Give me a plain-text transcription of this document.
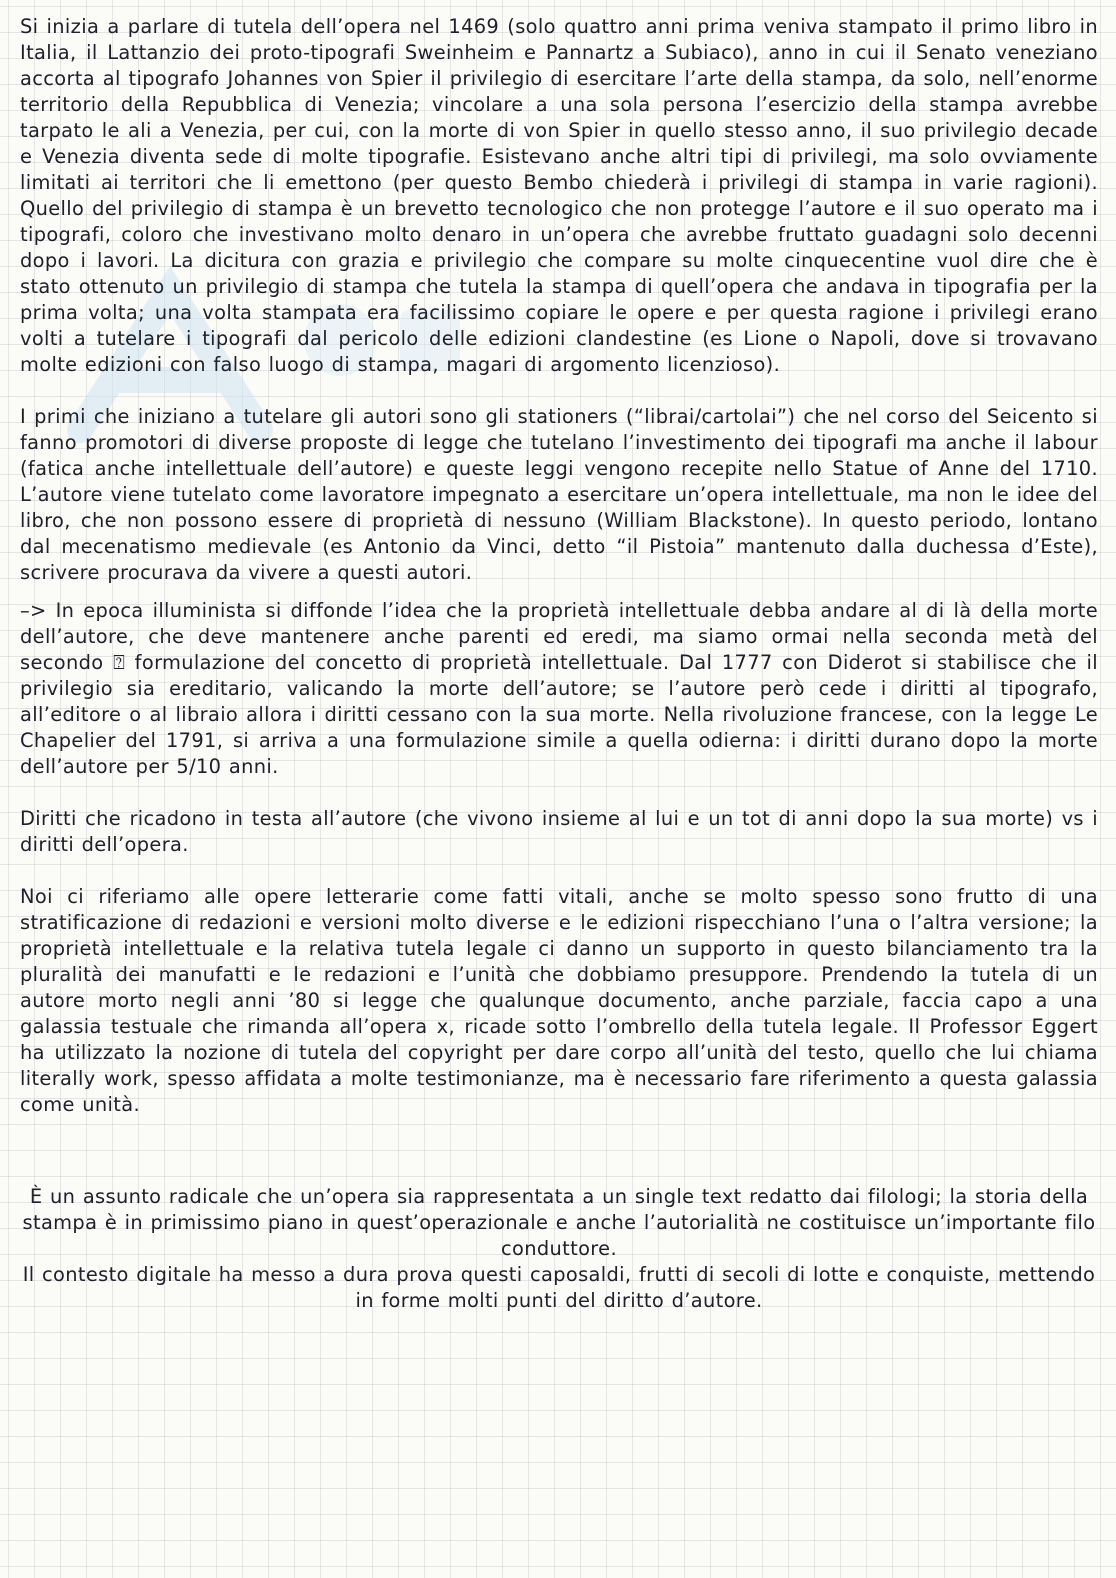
Si inizia a parlare di tutela dell’opera nel 1469 (solo quattro anni prima veniva stampato il primo libro in Italia, il Lattanzio dei proto-tipografi Sweinheim e Pannartz a Subiaco), anno in cui il Senato veneziano accorta al tipografo Johannes von Spier il privilegio di esercitare l’arte della stampa, da solo, nell’enorme territorio della Repubblica di Venezia; vincolare a una sola persona l’esercizio della stampa avrebbe tarpato le ali a Venezia, per cui, con la morte di von Spier in quello stesso anno, il suo privilegio decade e Venezia diventa sede di molte tipografie. Esistevano anche altri tipi di privilegi, ma solo ovviamente limitati ai territori che li emettono (per questo Bembo chiederà i privilegi di stampa in varie ragioni). Quello del privilegio di stampa è un brevetto tecnologico che non protegge l’autore e il suo operato ma i tipografi, coloro che investivano molto denaro in un’opera che avrebbe fruttato guadagni solo decenni dopo i lavori. La dicitura con grazia e privilegio che compare su molte cinquecentine vuol dire che è stato ottenuto un privilegio di stampa che tutela la stampa di quell’opera che andava in tipografia per la prima volta; una volta stampata era facilissimo copiare le opere e per questa ragione i privilegi erano volti a tutelare i tipografi dal pericolo delle edizioni clandestine (es Lione o Napoli, dove si trovavano molte edizioni con falso luogo di stampa, magari di argomento licenzioso).

I primi che iniziano a tutelare gli autori sono gli stationers (“librai/cartolai”) che nel corso del Seicento si fanno promotori di diverse proposte di legge che tutelano l’investimento dei tipografi ma anche il labour (fatica anche intellettuale dell’autore) e queste leggi vengono recepite nello Statue of Anne del 1710. L’autore viene tutelato come lavoratore impegnato a esercitare un’opera intellettuale, ma non le idee del libro, che non possono essere di proprietà di nessuno (William Blackstone). In questo periodo, lontano dal mecenatismo medievale (es Antonio da Vinci, detto “il Pistoia” mantenuto dalla duchessa d’Este), scrivere procurava da vivere a questi autori.

–> In epoca illuminista si diffonde l’idea che la proprietà intellettuale debba andare al di là della morte dell’autore, che deve mantenere anche parenti ed eredi, ma siamo ormai nella seconda metà del secondo ⍰ formulazione del concetto di proprietà intellettuale. Dal 1777 con Diderot si stabilisce che il privilegio sia ereditario, valicando la morte dell’autore; se l’autore però cede i diritti al tipografo, all’editore o al libraio allora i diritti cessano con la sua morte. Nella rivoluzione francese, con la legge Le Chapelier del 1791, si arriva a una formulazione simile a quella odierna: i diritti durano dopo la morte dell’autore per 5/10 anni.

Diritti che ricadono in testa all’autore (che vivono insieme al lui e un tot di anni dopo la sua morte) vs i diritti dell’opera.

Noi ci riferiamo alle opere letterarie come fatti vitali, anche se molto spesso sono frutto di una stratificazione di redazioni e versioni molto diverse e le edizioni rispecchiano l’una o l’altra versione; la proprietà intellettuale e la relativa tutela legale ci danno un supporto in questo bilanciamento tra la pluralità dei manufatti e le redazioni e l’unità che dobbiamo presuppore. Prendendo la tutela di un autore morto negli anni ’80 si legge che qualunque documento, anche parziale, faccia capo a una galassia testuale che rimanda all’opera x, ricade sotto l’ombrello della tutela legale. Il Professor Eggert ha utilizzato la nozione di tutela del copyright per dare corpo all’unità del testo, quello che lui chiama literally work, spesso affidata a molte testimonianze, ma è necessario fare riferimento a questa galassia come unità.

È un assunto radicale che un’opera sia rappresentata a un single text redatto dai filologi; la storia della stampa è in primissimo piano in quest’operazionale e anche l’autorialità ne costituisce un’importante filo conduttore.

Il contesto digitale ha messo a dura prova questi caposaldi, frutti di secoli di lotte e conquiste, mettendo in forme molti punti del diritto d’autore.
